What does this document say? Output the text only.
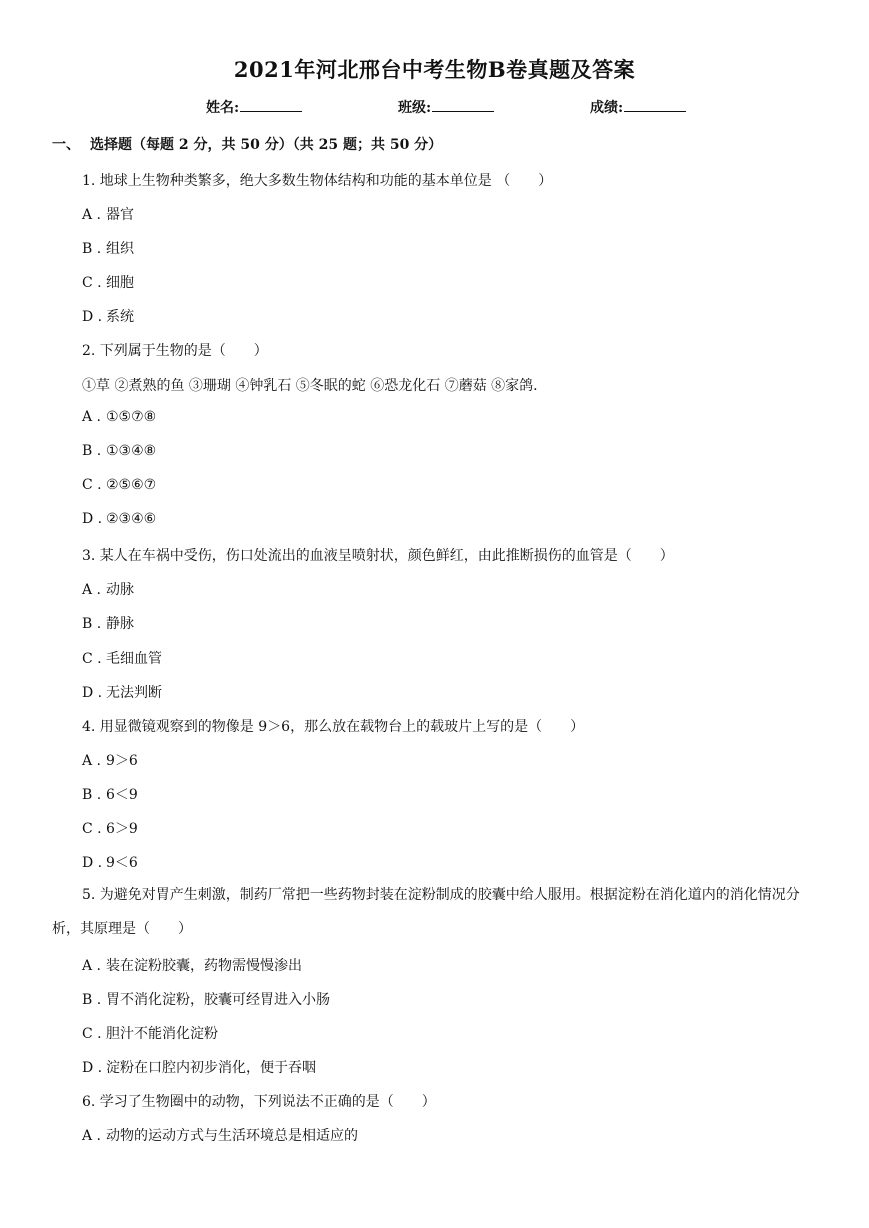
2021年河北邢台中考生物B卷真题及答案
姓名:	班级:	成绩:
一、 选择题（每题 2 分，共 50 分）（共 25 题；共 50 分）
1. 地球上生物种类繁多，绝大多数生物体结构和功能的基本单位是 （　　）
A . 器官
B . 组织
C . 细胞
D . 系统
2. 下列属于生物的是（　　）
①草 ②煮熟的鱼 ③珊瑚 ④钟乳石 ⑤冬眠的蛇 ⑥恐龙化石 ⑦蘑菇 ⑧家鸽.
A . ①⑤⑦⑧
B . ①③④⑧
C . ②⑤⑥⑦
D . ②③④⑥
3. 某人在车祸中受伤，伤口处流出的血液呈喷射状，颜色鲜红，由此推断损伤的血管是（　　）
A . 动脉
B . 静脉
C . 毛细血管
D . 无法判断
4. 用显微镜观察到的物像是 9＞6，那么放在载物台上的载玻片上写的是（　　）
A . 9＞6
B . 6＜9
C . 6＞9
D . 9＜6
5. 为避免对胃产生刺激，制药厂常把一些药物封装在淀粉制成的胶囊中给人服用。根据淀粉在消化道内的消化情况分析，其原理是（　　）
A . 装在淀粉胶囊，药物需慢慢渗出
B . 胃不消化淀粉，胶囊可经胃进入小肠
C . 胆汁不能消化淀粉
D . 淀粉在口腔内初步消化，便于吞咽
6. 学习了生物圈中的动物，下列说法不正确的是（　　）
A . 动物的运动方式与生活环境总是相适应的
